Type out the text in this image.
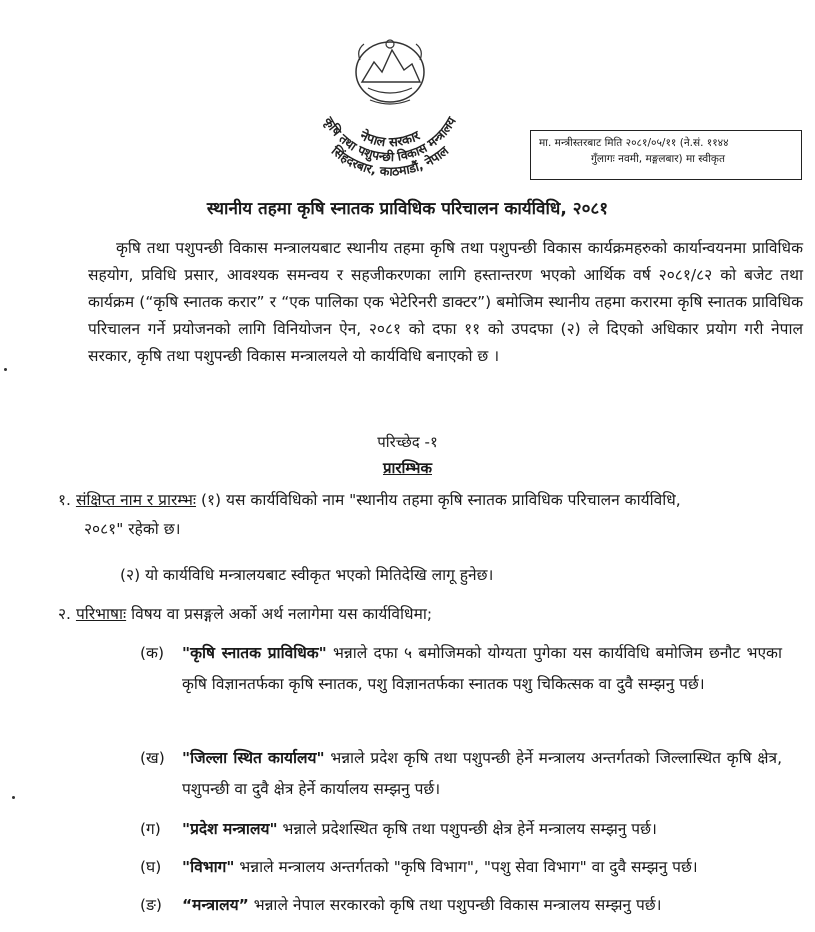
नेपाल सरकार
कृषि तथा पशुपन्छी विकास मन्त्रालय
सिंहदरबार, काठमाडौं, नेपाल	मा. मन्त्रीस्तरबाट मिति २०८१/०५/११ (ने.सं. ११४४
गुँलागः नवमी, मङ्गलबार) मा स्वीकृत
स्थानीय तहमा कृषि स्नातक प्राविधिक परिचालन कार्यविधि, २०८१
कृषि तथा पशुपन्छी विकास मन्त्रालयबाट स्थानीय तहमा कृषि तथा पशुपन्छी विकास कार्यक्रमहरुको कार्यान्वयनमा प्राविधिक सहयोग, प्रविधि प्रसार, आवश्यक समन्वय र सहजीकरणका लागि हस्तान्तरण भएको आर्थिक वर्ष २०८१/८२ को बजेट तथा कार्यक्रम (“कृषि स्नातक करार” र “एक पालिका एक भेटेरिनरी डाक्टर”) बमोजिम स्थानीय तहमा करारमा कृषि स्नातक प्राविधिक परिचालन गर्ने प्रयोजनको लागि विनियोजन ऐन, २०८१ को दफा ११ को उपदफा (२) ले दिएको अधिकार प्रयोग गरी नेपाल सरकार, कृषि तथा पशुपन्छी विकास मन्त्रालयले यो कार्यविधि बनाएको छ ।
परिच्छेद -१
प्रारम्भिक
१. संक्षिप्त नाम र प्रारम्भः (१) यस कार्यविधिको नाम "स्थानीय तहमा कृषि स्नातक प्राविधिक परिचालन कार्यविधि,
२०८१" रहेको छ।
(२) यो कार्यविधि मन्त्रालयबाट स्वीकृत भएको मितिदेखि लागू हुनेछ।
२. परिभाषाः विषय वा प्रसङ्गले अर्को अर्थ नलागेमा यस कार्यविधिमा;
(क) "कृषि स्नातक प्राविधिक" भन्नाले दफा ५ बमोजिमको योग्यता पुगेका यस कार्यविधि बमोजिम छनौट भएका कृषि विज्ञानतर्फका कृषि स्नातक, पशु विज्ञानतर्फका स्नातक पशु चिकित्सक वा दुवै सम्झनु पर्छ।
(ख) "जिल्ला स्थित कार्यालय" भन्नाले प्रदेश कृषि तथा पशुपन्छी हेर्ने मन्त्रालय अन्तर्गतको जिल्लास्थित कृषि क्षेत्र, पशुपन्छी वा दुवै क्षेत्र हेर्ने कार्यालय सम्झनु पर्छ।
(ग) "प्रदेश मन्त्रालय" भन्नाले प्रदेशस्थित कृषि तथा पशुपन्छी क्षेत्र हेर्ने मन्त्रालय सम्झनु पर्छ।
(घ) "विभाग" भन्नाले मन्त्रालय अन्तर्गतको "कृषि विभाग", "पशु सेवा विभाग" वा दुवै सम्झनु पर्छ।
(ङ) “मन्त्रालय” भन्नाले नेपाल सरकारको कृषि तथा पशुपन्छी विकास मन्त्रालय सम्झनु पर्छ।
